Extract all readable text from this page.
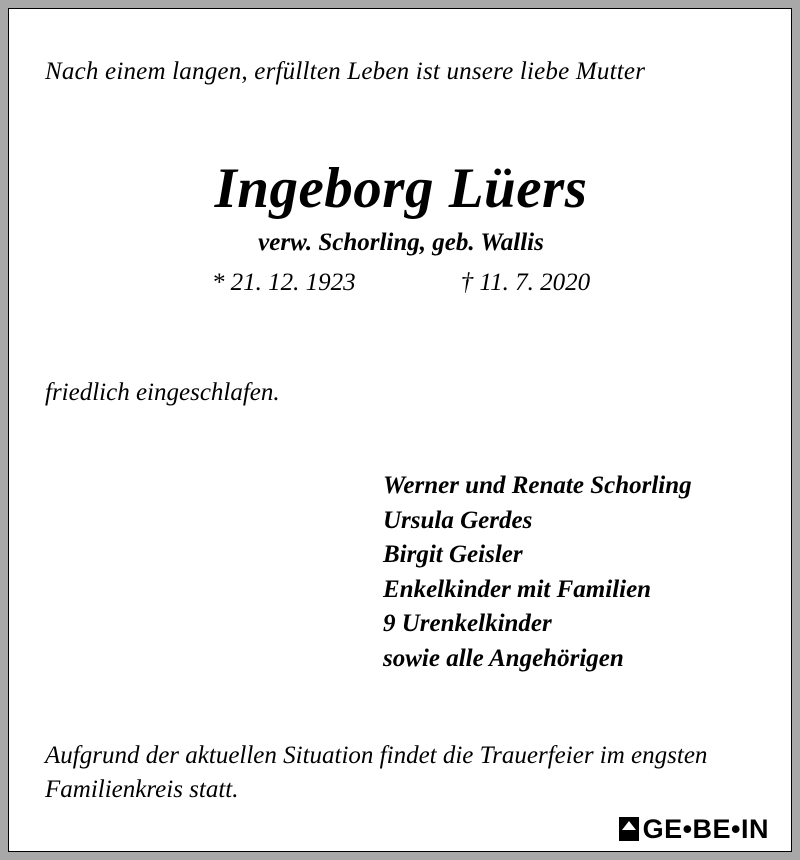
Nach einem langen, erfüllten Leben ist unsere liebe Mutter
Ingeborg Lüers
verw. Schorling, geb. Wallis
* 21. 12. 1923	† 11. 7. 2020
friedlich eingeschlafen.
Werner und Renate Schorling
Ursula Gerdes
Birgit Geisler
Enkelkinder mit Familien
9 Urenkelkinder
sowie alle Angehörigen
Aufgrund der aktuellen Situation findet die Trauerfeier im engsten Familienkreis statt.
GE•BE•IN
